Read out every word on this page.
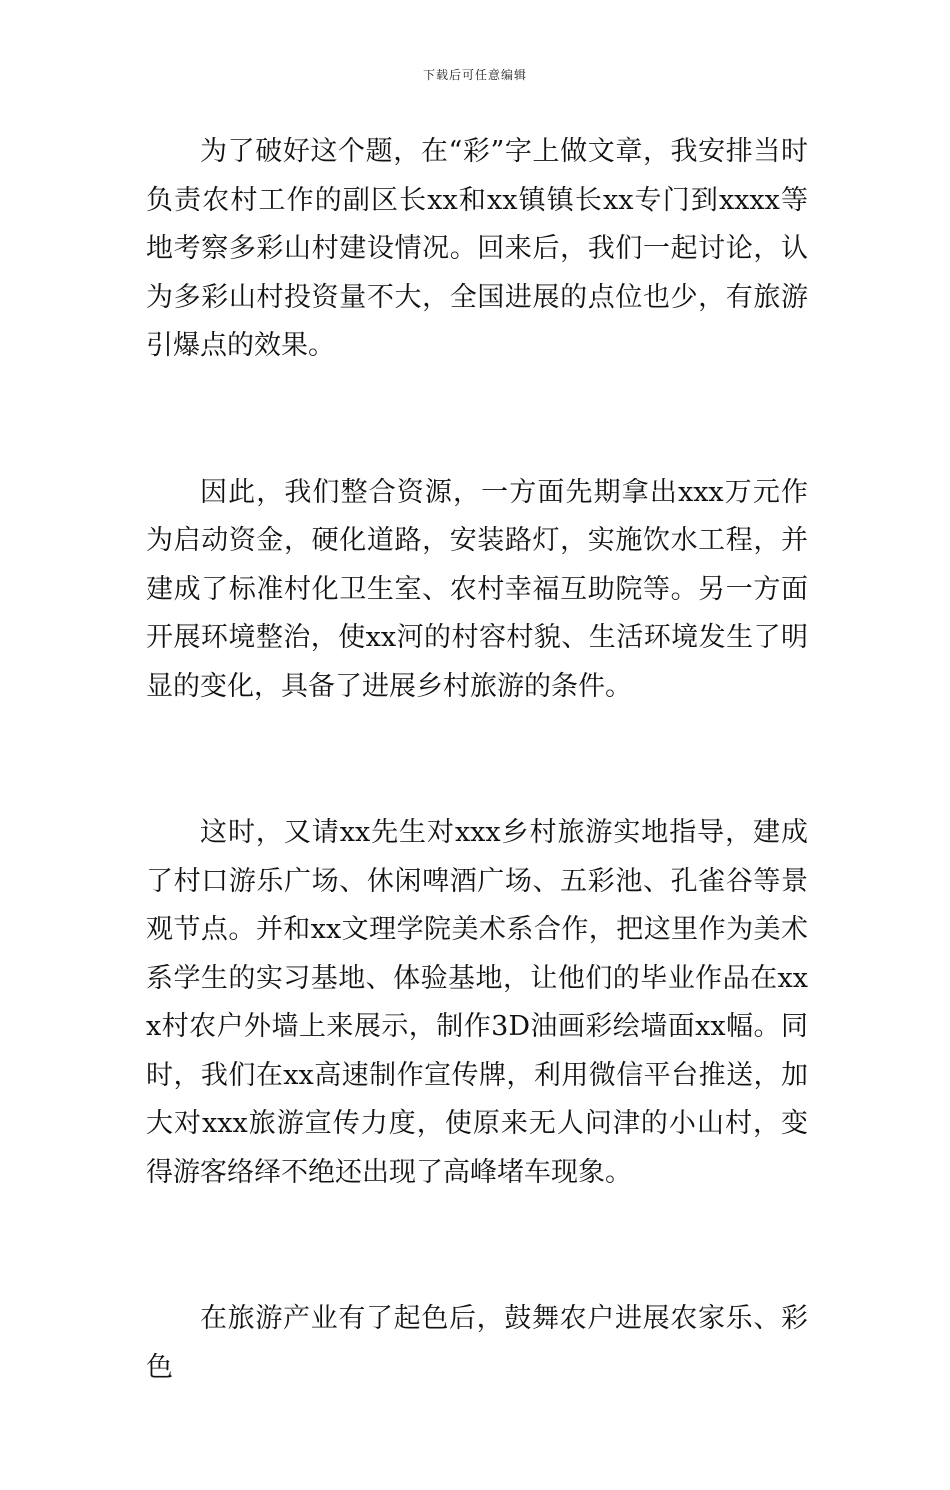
下载后可任意编辑

为了破好这个题，在“彩”字上做文章，我安排当时负责农村工作的副区长xx和xx镇镇长xx专门到xxxx等地考察多彩山村建设情况。回来后，我们一起讨论，认为多彩山村投资量不大，全国进展的点位也少，有旅游引爆点的效果。

因此，我们整合资源，一方面先期拿出xxx万元作为启动资金，硬化道路，安装路灯，实施饮水工程，并建成了标准村化卫生室、农村幸福互助院等。另一方面开展环境整治，使xx河的村容村貌、生活环境发生了明显的变化，具备了进展乡村旅游的条件。

这时，又请xx先生对xxx乡村旅游实地指导，建成了村口游乐广场、休闲啤酒广场、五彩池、孔雀谷等景观节点。并和xx文理学院美术系合作，把这里作为美术系学生的实习基地、体验基地，让他们的毕业作品在xxx村农户外墙上来展示，制作3D油画彩绘墙面xx幅。同时，我们在xx高速制作宣传牌，利用微信平台推送，加大对xxx旅游宣传力度，使原来无人问津的小山村，变得游客络绎不绝还出现了高峰堵车现象。

在旅游产业有了起色后，鼓舞农户进展农家乐、彩色
